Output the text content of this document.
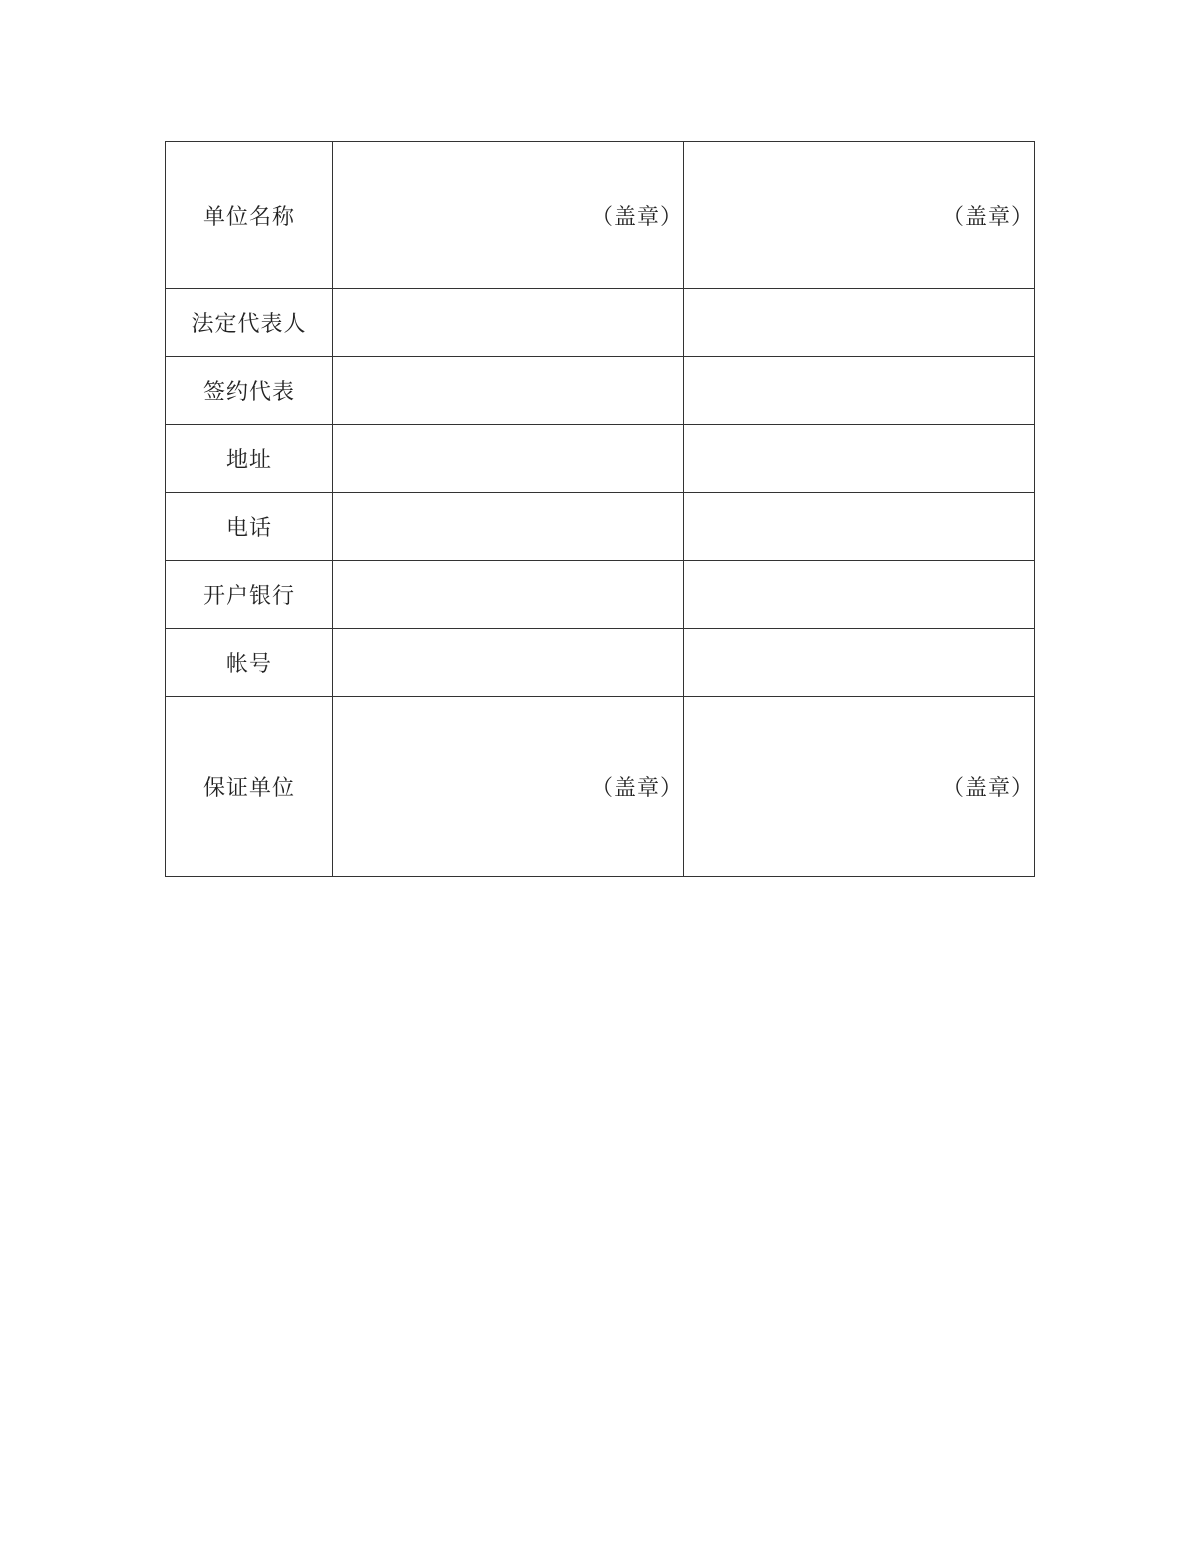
单位名称	（盖章）	（盖章）
法定代表人		
签约代表		
地址		
电话		
开户银行		
帐号		
保证单位	（盖章）	（盖章）
